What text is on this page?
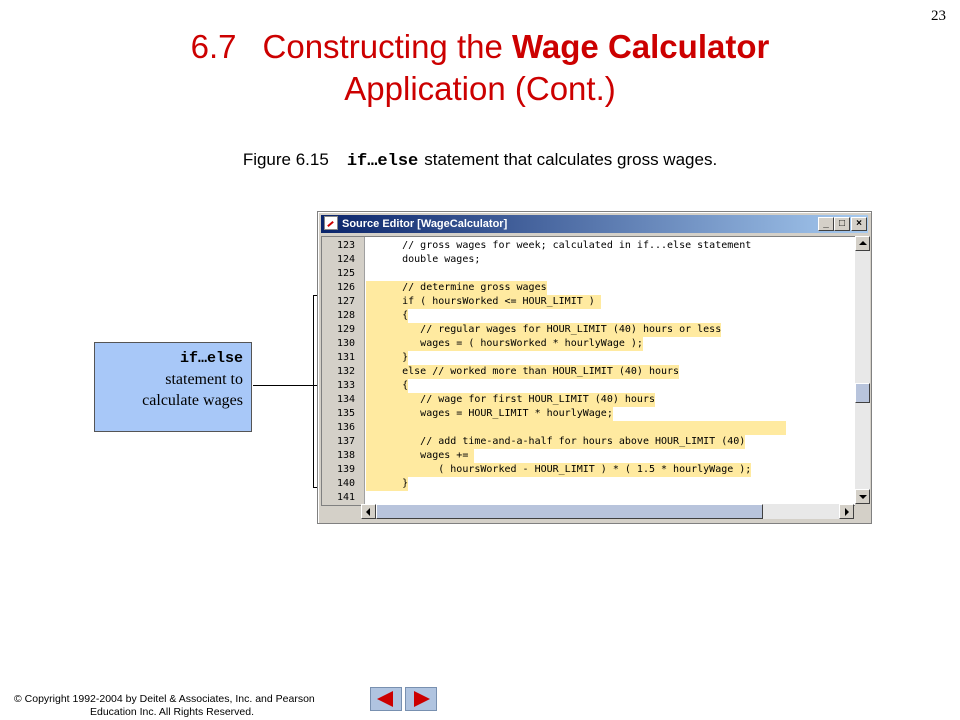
23
6.7 Constructing the Wage Calculator
Application (Cont.)
Figure 6.15 if…else statement that calculates gross wages.
if…else
statement to
calculate wages
Source Editor [WageCalculator]	_	□	×
123	// gross wages for week; calculated in if...else statement
124	double wages;
125
126	// determine gross wages
127	if ( hoursWorked <= HOUR_LIMIT )
128	{
129	// regular wages for HOUR_LIMIT (40) hours or less
130	wages = ( hoursWorked * hourlyWage );
131	}
132	else // worked more than HOUR_LIMIT (40) hours
133	{
134	// wage for first HOUR_LIMIT (40) hours
135	wages = HOUR_LIMIT * hourlyWage;
136
137	// add time-and-a-half for hours above HOUR_LIMIT (40)
138	wages +=
139	( hoursWorked - HOUR_LIMIT ) * ( 1.5 * hourlyWage );
140	}
141
© Copyright 1992-2004 by Deitel & Associates, Inc. and Pearson
Education Inc. All Rights Reserved.
